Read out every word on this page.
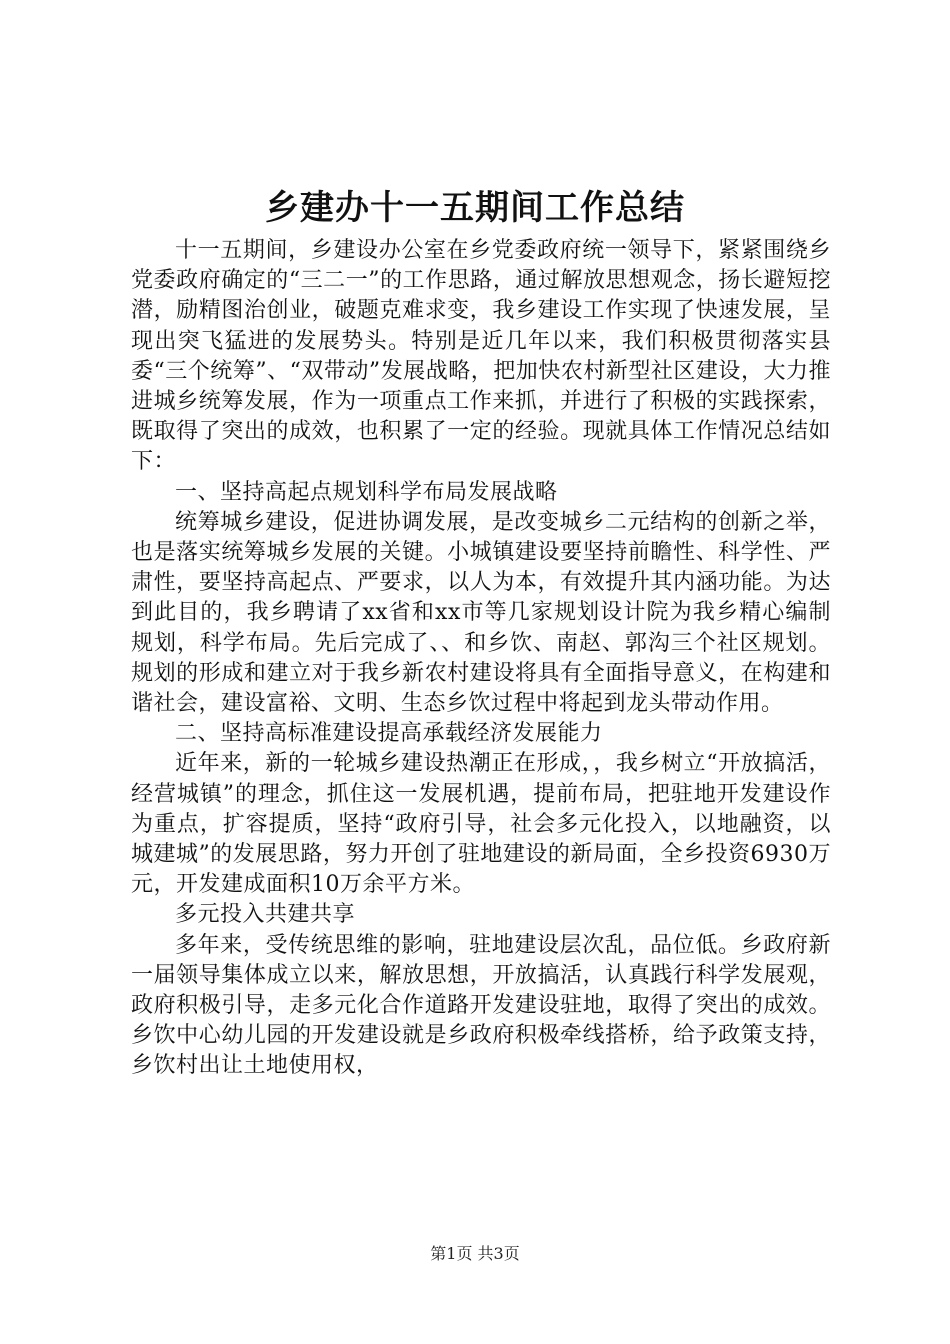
乡建办十一五期间工作总结

十一五期间，乡建设办公室在乡党委政府统一领导下，紧紧围绕乡党委政府确定的“三二一”的工作思路，通过解放思想观念，扬长避短挖潜，励精图治创业，破题克难求变，我乡建设工作实现了快速发展，呈现出突飞猛进的发展势头。特别是近几年以来，我们积极贯彻落实县委“三个统筹”、“双带动”发展战略，把加快农村新型社区建设，大力推进城乡统筹发展，作为一项重点工作来抓，并进行了积极的实践探索，既取得了突出的成效，也积累了一定的经验。现就具体工作情况总结如下：

一、坚持高起点规划科学布局发展战略

统筹城乡建设，促进协调发展，是改变城乡二元结构的创新之举，也是落实统筹城乡发展的关键。小城镇建设要坚持前瞻性、科学性、严肃性，要坚持高起点、严要求，以人为本，有效提升其内涵功能。为达到此目的，我乡聘请了xx省和xx市等几家规划设计院为我乡精心编制规划，科学布局。先后完成了、、和乡饮、南赵、郭沟三个社区规划。规划的形成和建立对于我乡新农村建设将具有全面指导意义，在构建和谐社会，建设富裕、文明、生态乡饮过程中将起到龙头带动作用。

二、坚持高标准建设提高承载经济发展能力

近年来，新的一轮城乡建设热潮正在形成，，我乡树立“开放搞活，经营城镇”的理念，抓住这一发展机遇，提前布局，把驻地开发建设作为重点，扩容提质，坚持“政府引导，社会多元化投入，以地融资，以城建城”的发展思路，努力开创了驻地建设的新局面，全乡投资6930万元，开发建成面积10万余平方米。

多元投入共建共享

多年来，受传统思维的影响，驻地建设层次乱，品位低。乡政府新一届领导集体成立以来，解放思想，开放搞活，认真践行科学发展观，政府积极引导，走多元化合作道路开发建设驻地，取得了突出的成效。乡饮中心幼儿园的开发建设就是乡政府积极牵线搭桥，给予政策支持，乡饮村出让土地使用权，

第1页 共3页
